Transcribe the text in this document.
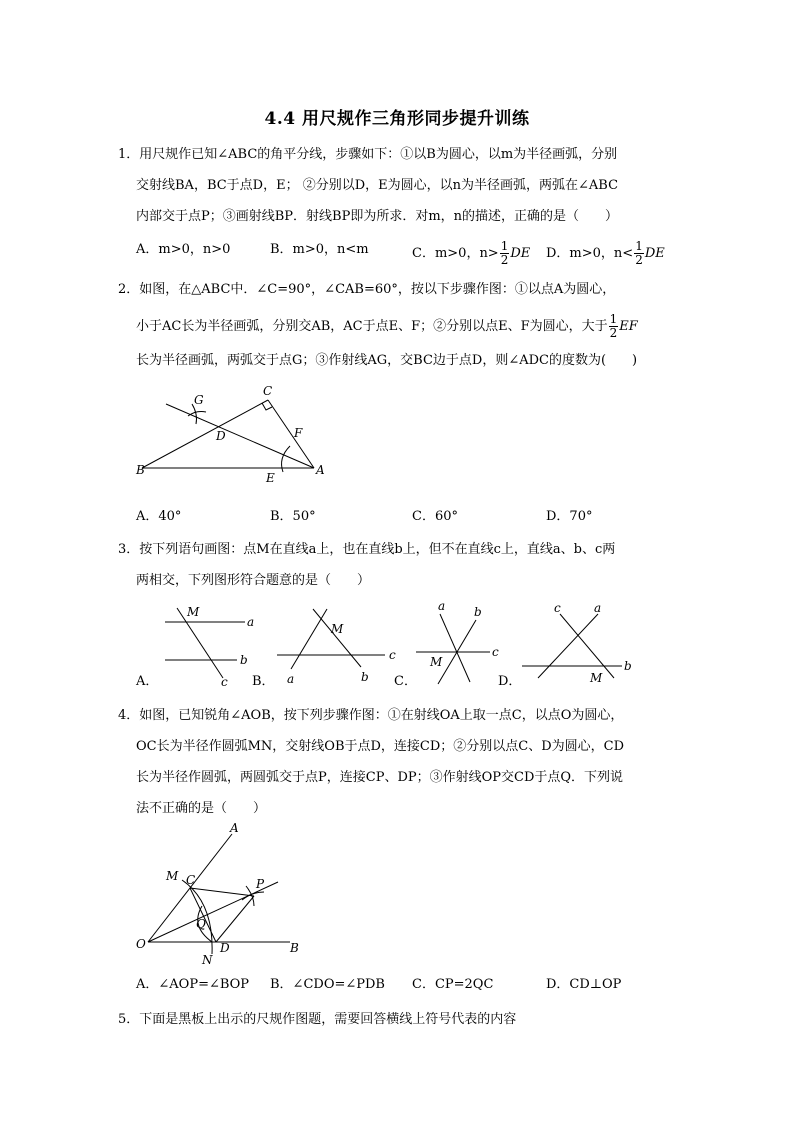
4.4 用尺规作三角形同步提升训练
1．用尺规作已知∠ABC的角平分线，步骤如下：①以B为圆心，以m为半径画弧，分别
交射线BA，BC于点D，E； ②分别以D，E为圆心，以n为半径画弧，两弧在∠ABC
内部交于点P；③画射线BP．射线BP即为所求．对m，n的描述，正确的是（　　）
A．m>0，n>0	B．m>0，n<m	C．m>0，$n> \frac{1}{2}$ DE D．m>0，$n< \frac{1}{2}$ DE
2．如图，在△ABC中．∠C=90°，∠CAB=60°，按以下步骤作图：①以点A为圆心，
小于AC长为半径画弧，分别交AB，AC于点E、F；②分别以点E、F为圆心，大于 $\frac{1}{2}$ EF
长为半径画弧，两弧交于点G；③作射线AG，交BC边于点D，则∠ADC的度数为(　　)
G
C
D	F
B
E
A
A．40°	B．50°	C．60°	D．70°
3．按下列语句画图：点M在直线a上，也在直线b上，但不在直线c上，直线a、b、c两
两相交，下列图形符合题意的是（　　）
A．
M
a
b
c B．
M
c
a	b C．
a b
c
M
D．
c	a
b
M
4．如图，已知锐角∠AOB，按下列步骤作图：①在射线OA上取一点C，以点O为圆心，
OC长为半径作圆弧MN，交射线OB于点D，连接CD；②分别以点C、D为圆心，CD
长为半径作圆弧，两圆弧交于点P，连接CP、DP；③作射线OP交CD于点Q．下列说
法不正确的是（　　）
A
M C	P
Q
O	D	B
N
A．∠AOP=∠BOP B．∠CDO=∠PDB C．CP=2QC	D．CD⊥OP
5．下面是黑板上出示的尺规作图题，需要回答横线上符号代表的内容
